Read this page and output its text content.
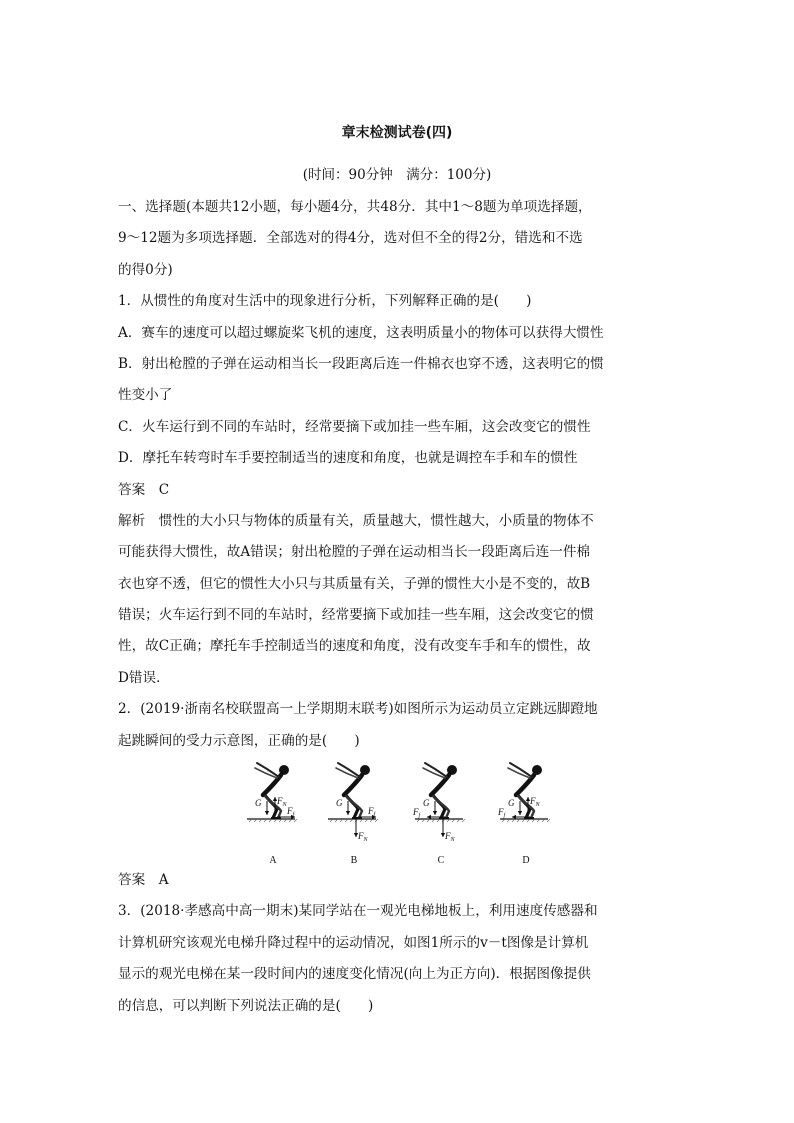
章末检测试卷(四)
(时间：90分钟　满分：100分)
一、选择题(本题共12小题，每小题4分，共48分．其中1～8题为单项选择题，
9～12题为多项选择题．全部选对的得4分，选对但不全的得2分，错选和不选
的得0分)
1．从惯性的角度对生活中的现象进行分析，下列解释正确的是(　　)
A．赛车的速度可以超过螺旋桨飞机的速度，这表明质量小的物体可以获得大惯性
B．射出枪膛的子弹在运动相当长一段距离后连一件棉衣也穿不透，这表明它的惯
性变小了
C．火车运行到不同的车站时，经常要摘下或加挂一些车厢，这会改变它的惯性
D．摩托车转弯时车手要控制适当的速度和角度，也就是调控车手和车的惯性
答案　C
解析　惯性的大小只与物体的质量有关，质量越大，惯性越大，小质量的物体不
可能获得大惯性，故A错误；射出枪膛的子弹在运动相当长一段距离后连一件棉
衣也穿不透，但它的惯性大小只与其质量有关，子弹的惯性大小是不变的，故B
错误；火车运行到不同的车站时，经常要摘下或加挂一些车厢，这会改变它的惯
性，故C正确；摩托车手控制适当的速度和角度，没有改变车手和车的惯性，故
D错误．
2．(2019·浙南名校联盟高一上学期期末联考)如图所示为运动员立定跳远脚蹬地
起跳瞬间的受力示意图，正确的是(　　)
G $F_N$
$F_f$
A
G
$F_N$
$F_f$
B
G
$F_N$
$F_f$
C
G $F_N$
$F_f$
D
答案　A
3．(2018·孝感高中高一期末)某同学站在一观光电梯地板上，利用速度传感器和
计算机研究该观光电梯升降过程中的运动情况，如图1所示的v－t图像是计算机
显示的观光电梯在某一段时间内的速度变化情况(向上为正方向)．根据图像提供
的信息，可以判断下列说法正确的是(　　)
